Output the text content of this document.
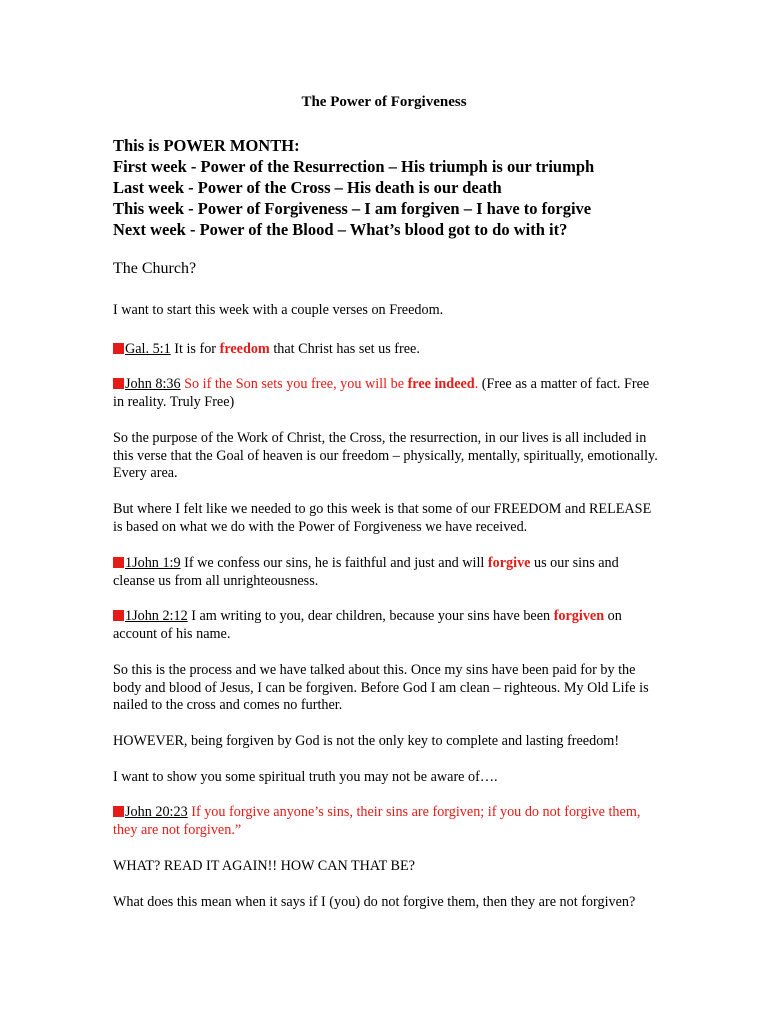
The Power of Forgiveness
This is POWER MONTH:
First week - Power of the Resurrection – His triumph is our triumph
Last week - Power of the Cross – His death is our death
This week - Power of Forgiveness – I am forgiven – I have to forgive
Next week - Power of the Blood – What’s blood got to do with it?
The Church?
I want to start this week with a couple verses on Freedom.
Gal. 5:1 It is for freedom that Christ has set us free.
John 8:36 So if the Son sets you free, you will be free indeed. (Free as a matter of fact. Free in reality. Truly Free)
So the purpose of the Work of Christ, the Cross, the resurrection, in our lives is all included in this verse that the Goal of heaven is our freedom – physically, mentally, spiritually, emotionally. Every area.
But where I felt like we needed to go this week is that some of our FREEDOM and RELEASE is based on what we do with the Power of Forgiveness we have received.
1John 1:9 If we confess our sins, he is faithful and just and will forgive us our sins and cleanse us from all unrighteousness.
1John 2:12 I am writing to you, dear children, because your sins have been forgiven on account of his name.
So this is the process and we have talked about this. Once my sins have been paid for by the body and blood of Jesus, I can be forgiven. Before God I am clean – righteous. My Old Life is nailed to the cross and comes no further.
HOWEVER, being forgiven by God is not the only key to complete and lasting freedom!
I want to show you some spiritual truth you may not be aware of….
John 20:23 If you forgive anyone’s sins, their sins are forgiven; if you do not forgive them, they are not forgiven.”
WHAT? READ IT AGAIN!! HOW CAN THAT BE?
What does this mean when it says if I (you) do not forgive them, then they are not forgiven?
